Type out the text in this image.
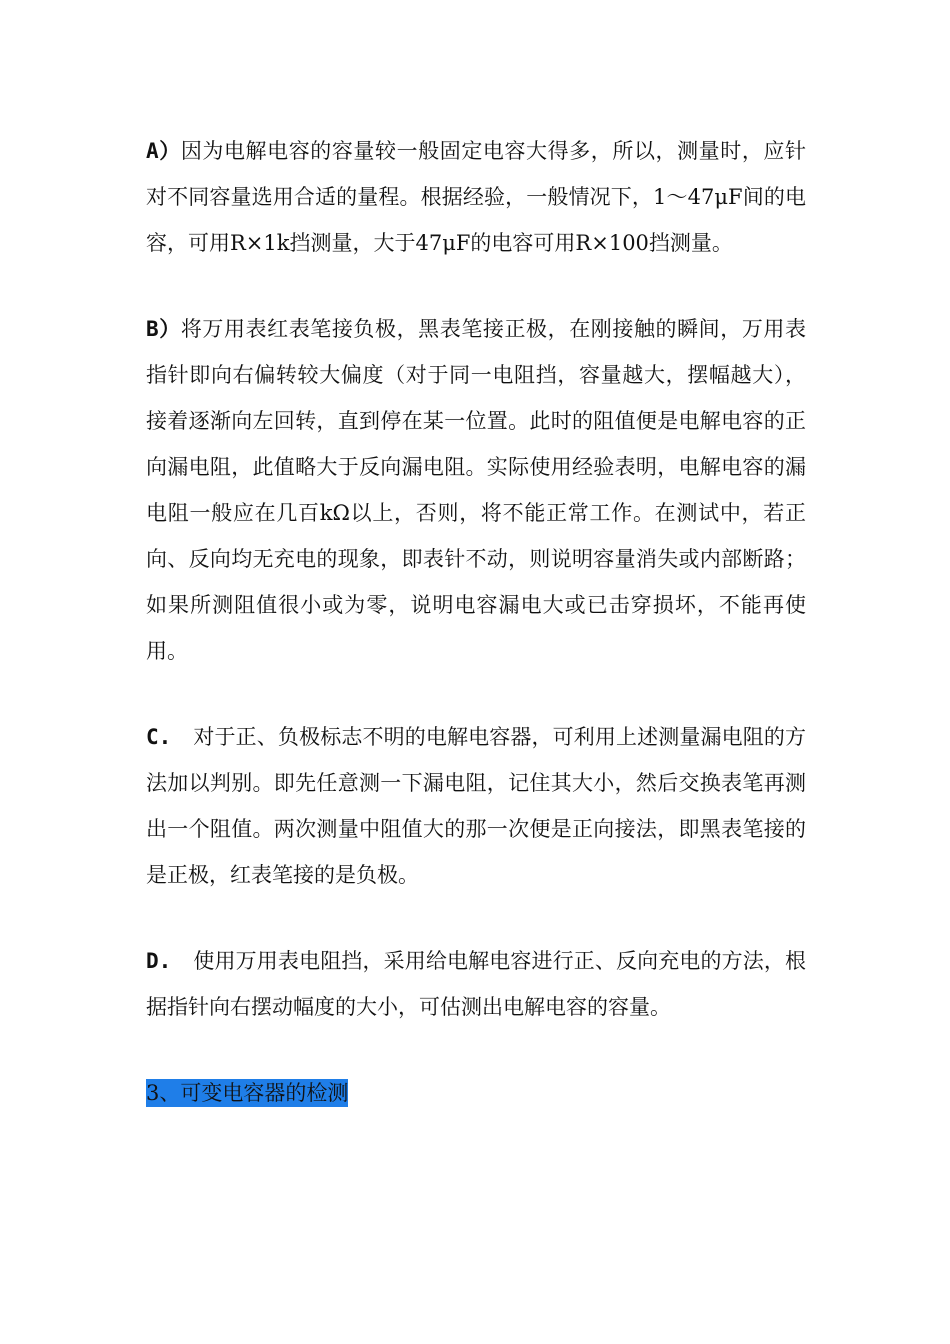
A）因为电解电容的容量较一般固定电容大得多，所以，测量时，应针对不同容量选用合适的量程。根据经验，一般情况下，1～47μF间的电容，可用R×1k挡测量，大于47μF的电容可用R×100挡测量。

B）将万用表红表笔接负极，黑表笔接正极，在刚接触的瞬间，万用表指针即向右偏转较大偏度（对于同一电阻挡，容量越大，摆幅越大），接着逐渐向左回转，直到停在某一位置。此时的阻值便是电解电容的正向漏电阻，此值略大于反向漏电阻。实际使用经验表明，电解电容的漏电阻一般应在几百kΩ以上，否则，将不能正常工作。在测试中，若正向、反向均无充电的现象，即表针不动，则说明容量消失或内部断路；如果所测阻值很小或为零，说明电容漏电大或已击穿损坏，不能再使用。

C. 对于正、负极标志不明的电解电容器，可利用上述测量漏电阻的方法加以判别。即先任意测一下漏电阻，记住其大小，然后交换表笔再测出一个阻值。两次测量中阻值大的那一次便是正向接法，即黑表笔接的是正极，红表笔接的是负极。

D. 使用万用表电阻挡，采用给电解电容进行正、反向充电的方法，根据指针向右摆动幅度的大小，可估测出电解电容的容量。

3、可变电容器的检测
